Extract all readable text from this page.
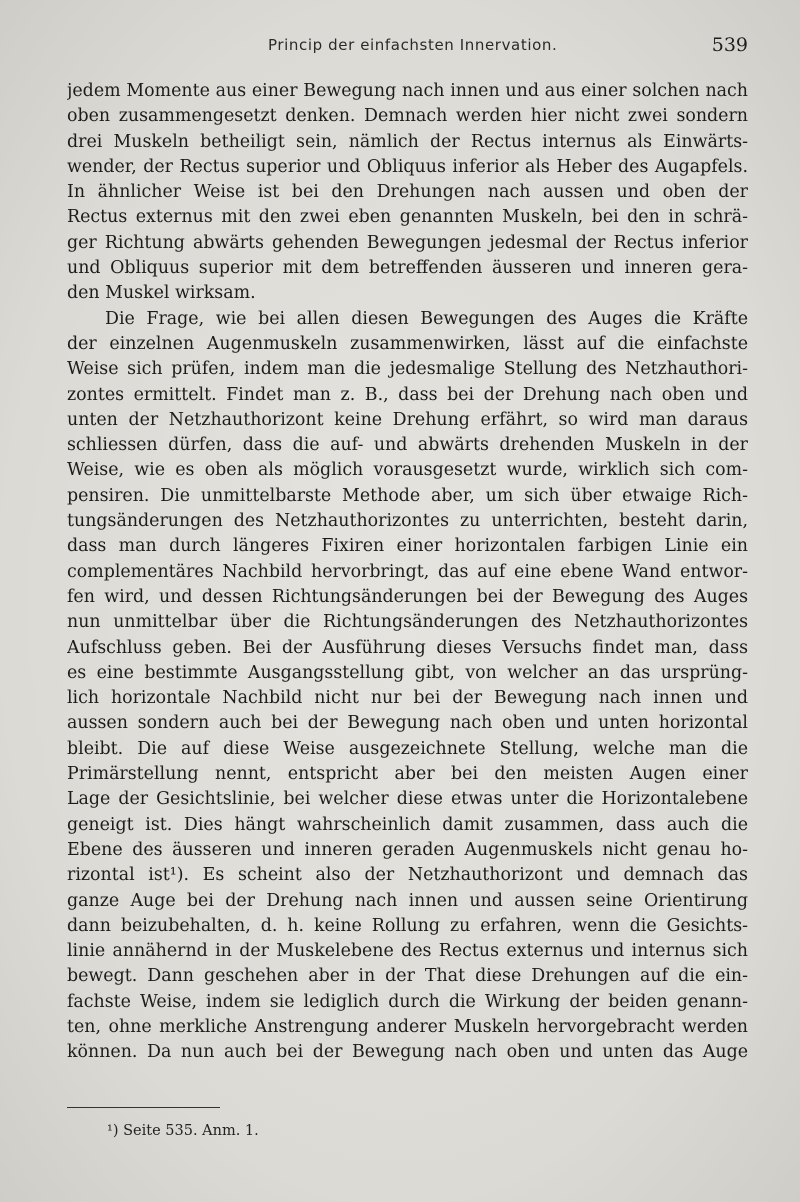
Princip der einfachsten Innervation.	539
jedem Momente aus einer Bewegung nach innen und aus einer solchen nach
oben zusammengesetzt denken. Demnach werden hier nicht zwei sondern
drei Muskeln betheiligt sein, nämlich der Rectus internus als Einwärts-
wender, der Rectus superior und Obliquus inferior als Heber des Augapfels.
In ähnlicher Weise ist bei den Drehungen nach aussen und oben der
Rectus externus mit den zwei eben genannten Muskeln, bei den in schrä-
ger Richtung abwärts gehenden Bewegungen jedesmal der Rectus inferior
und Obliquus superior mit dem betreffenden äusseren und inneren gera-
den Muskel wirksam.
Die Frage, wie bei allen diesen Bewegungen des Auges die Kräfte
der einzelnen Augenmuskeln zusammenwirken, lässt auf die einfachste
Weise sich prüfen, indem man die jedesmalige Stellung des Netzhauthori-
zontes ermittelt. Findet man z. B., dass bei der Drehung nach oben und
unten der Netzhauthorizont keine Drehung erfährt, so wird man daraus
schliessen dürfen, dass die auf- und abwärts drehenden Muskeln in der
Weise, wie es oben als möglich vorausgesetzt wurde, wirklich sich com-
pensiren. Die unmittelbarste Methode aber, um sich über etwaige Rich-
tungsänderungen des Netzhauthorizontes zu unterrichten, besteht darin,
dass man durch längeres Fixiren einer horizontalen farbigen Linie ein
complementäres Nachbild hervorbringt, das auf eine ebene Wand entwor-
fen wird, und dessen Richtungsänderungen bei der Bewegung des Auges
nun unmittelbar über die Richtungsänderungen des Netzhauthorizontes
Aufschluss geben. Bei der Ausführung dieses Versuchs findet man, dass
es eine bestimmte Ausgangsstellung gibt, von welcher an das ursprüng-
lich horizontale Nachbild nicht nur bei der Bewegung nach innen und
aussen sondern auch bei der Bewegung nach oben und unten horizontal
bleibt. Die auf diese Weise ausgezeichnete Stellung, welche man die
Primärstellung nennt, entspricht aber bei den meisten Augen einer
Lage der Gesichtslinie, bei welcher diese etwas unter die Horizontalebene
geneigt ist. Dies hängt wahrscheinlich damit zusammen, dass auch die
Ebene des äusseren und inneren geraden Augenmuskels nicht genau ho-
rizontal ist¹). Es scheint also der Netzhauthorizont und demnach das
ganze Auge bei der Drehung nach innen und aussen seine Orientirung
dann beizubehalten, d. h. keine Rollung zu erfahren, wenn die Gesichts-
linie annähernd in der Muskelebene des Rectus externus und internus sich
bewegt. Dann geschehen aber in der That diese Drehungen auf die ein-
fachste Weise, indem sie lediglich durch die Wirkung der beiden genann-
ten, ohne merkliche Anstrengung anderer Muskeln hervorgebracht werden
können. Da nun auch bei der Bewegung nach oben und unten das Auge
¹) Seite 535. Anm. 1.
